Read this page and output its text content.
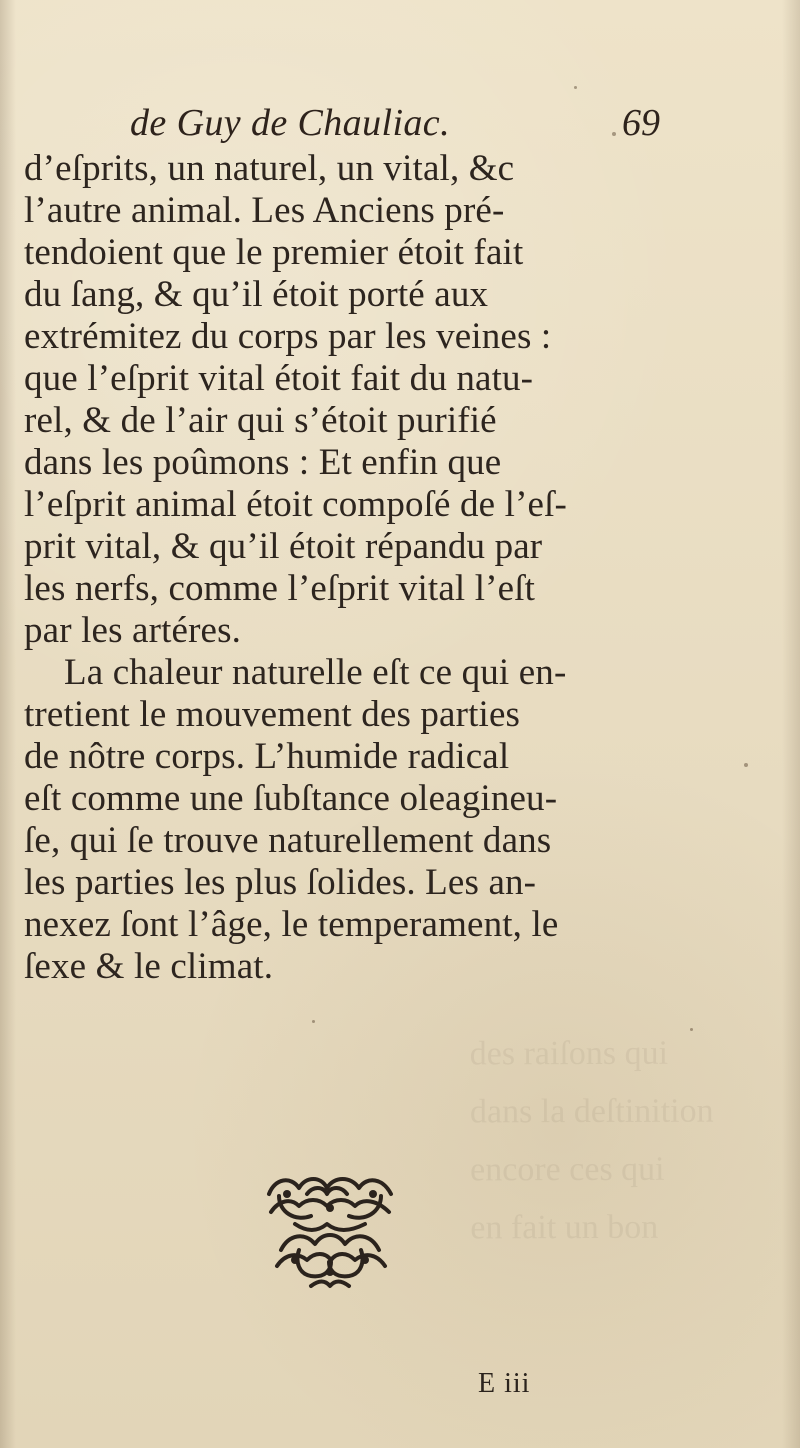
des raiſons qui
dans la deſtinition
encore ces qui
en fait un bon
de Guy de Chauliac.	69
d’eſprits, un naturel, un vital, &c
l’autre animal. Les Anciens pré-
tendoient que le premier étoit fait
du ſang, & qu’il étoit porté aux
extrémitez du corps par les veines :
que l’eſprit vital étoit fait du natu-
rel, & de l’air qui s’étoit purifié
dans les poûmons : Et enfin que
l’eſprit animal étoit compoſé de l’eſ-
prit vital, & qu’il étoit répandu par
les nerfs, comme l’eſprit vital l’eſt
par les artéres.
La chaleur naturelle eſt ce qui en-
tretient le mouvement des parties
de nôtre corps. L’humide radical
eſt comme une ſubſtance oleagineu-
ſe, qui ſe trouve naturellement dans
les parties les plus ſolides. Les an-
nexez ſont l’âge, le temperament, le
ſexe & le climat.
E iii
